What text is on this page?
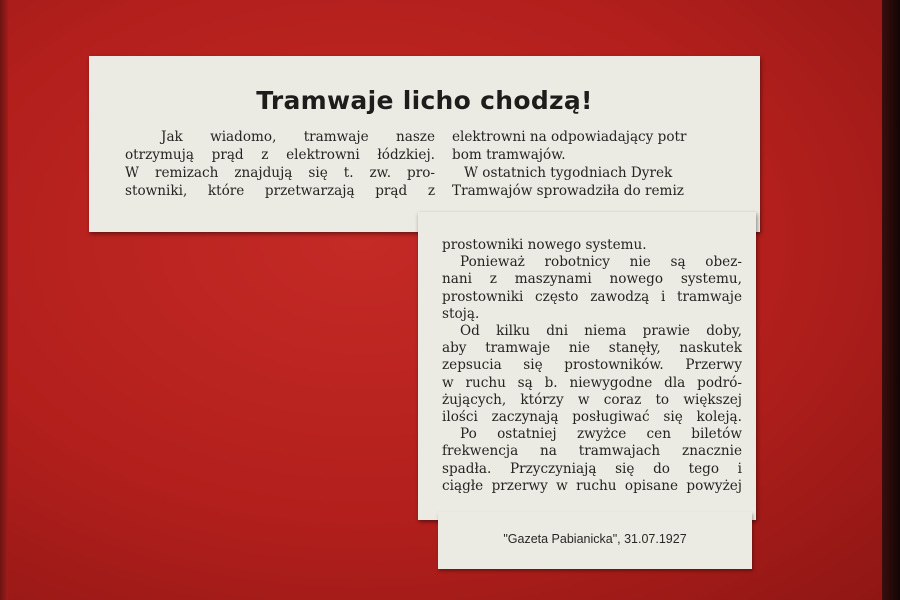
Tramwaje licho chodzą!
Jak wiadomo, tramwaje nasze
otrzymują prąd z elektrowni łódzkiej.
W remizach znajdują się t. zw. pro-
stowniki, które przetwarzają prąd z
elektrowni na odpowiadający potr
bom tramwajów.
W ostatnich tygodniach Dyrek
Tramwajów sprowadziła do remiz
prostowniki nowego systemu.
Ponieważ robotnicy nie są obez-
nani z maszynami nowego systemu,
prostowniki często zawodzą i tramwaje
stoją.
Od kilku dni niema prawie doby,
aby tramwaje nie stanęły, naskutek
zepsucia się prostowników. Przerwy
w ruchu są b. niewygodne dla podró-
żujących, którzy w coraz to większej
ilości zaczynają posługiwać się koleją.
Po ostatniej zwyżce cen biletów
frekwencja na tramwajach znacznie
spadła. Przyczyniają się do tego i
ciągłe przerwy w ruchu opisane powyżej
"Gazeta Pabianicka", 31.07.1927
